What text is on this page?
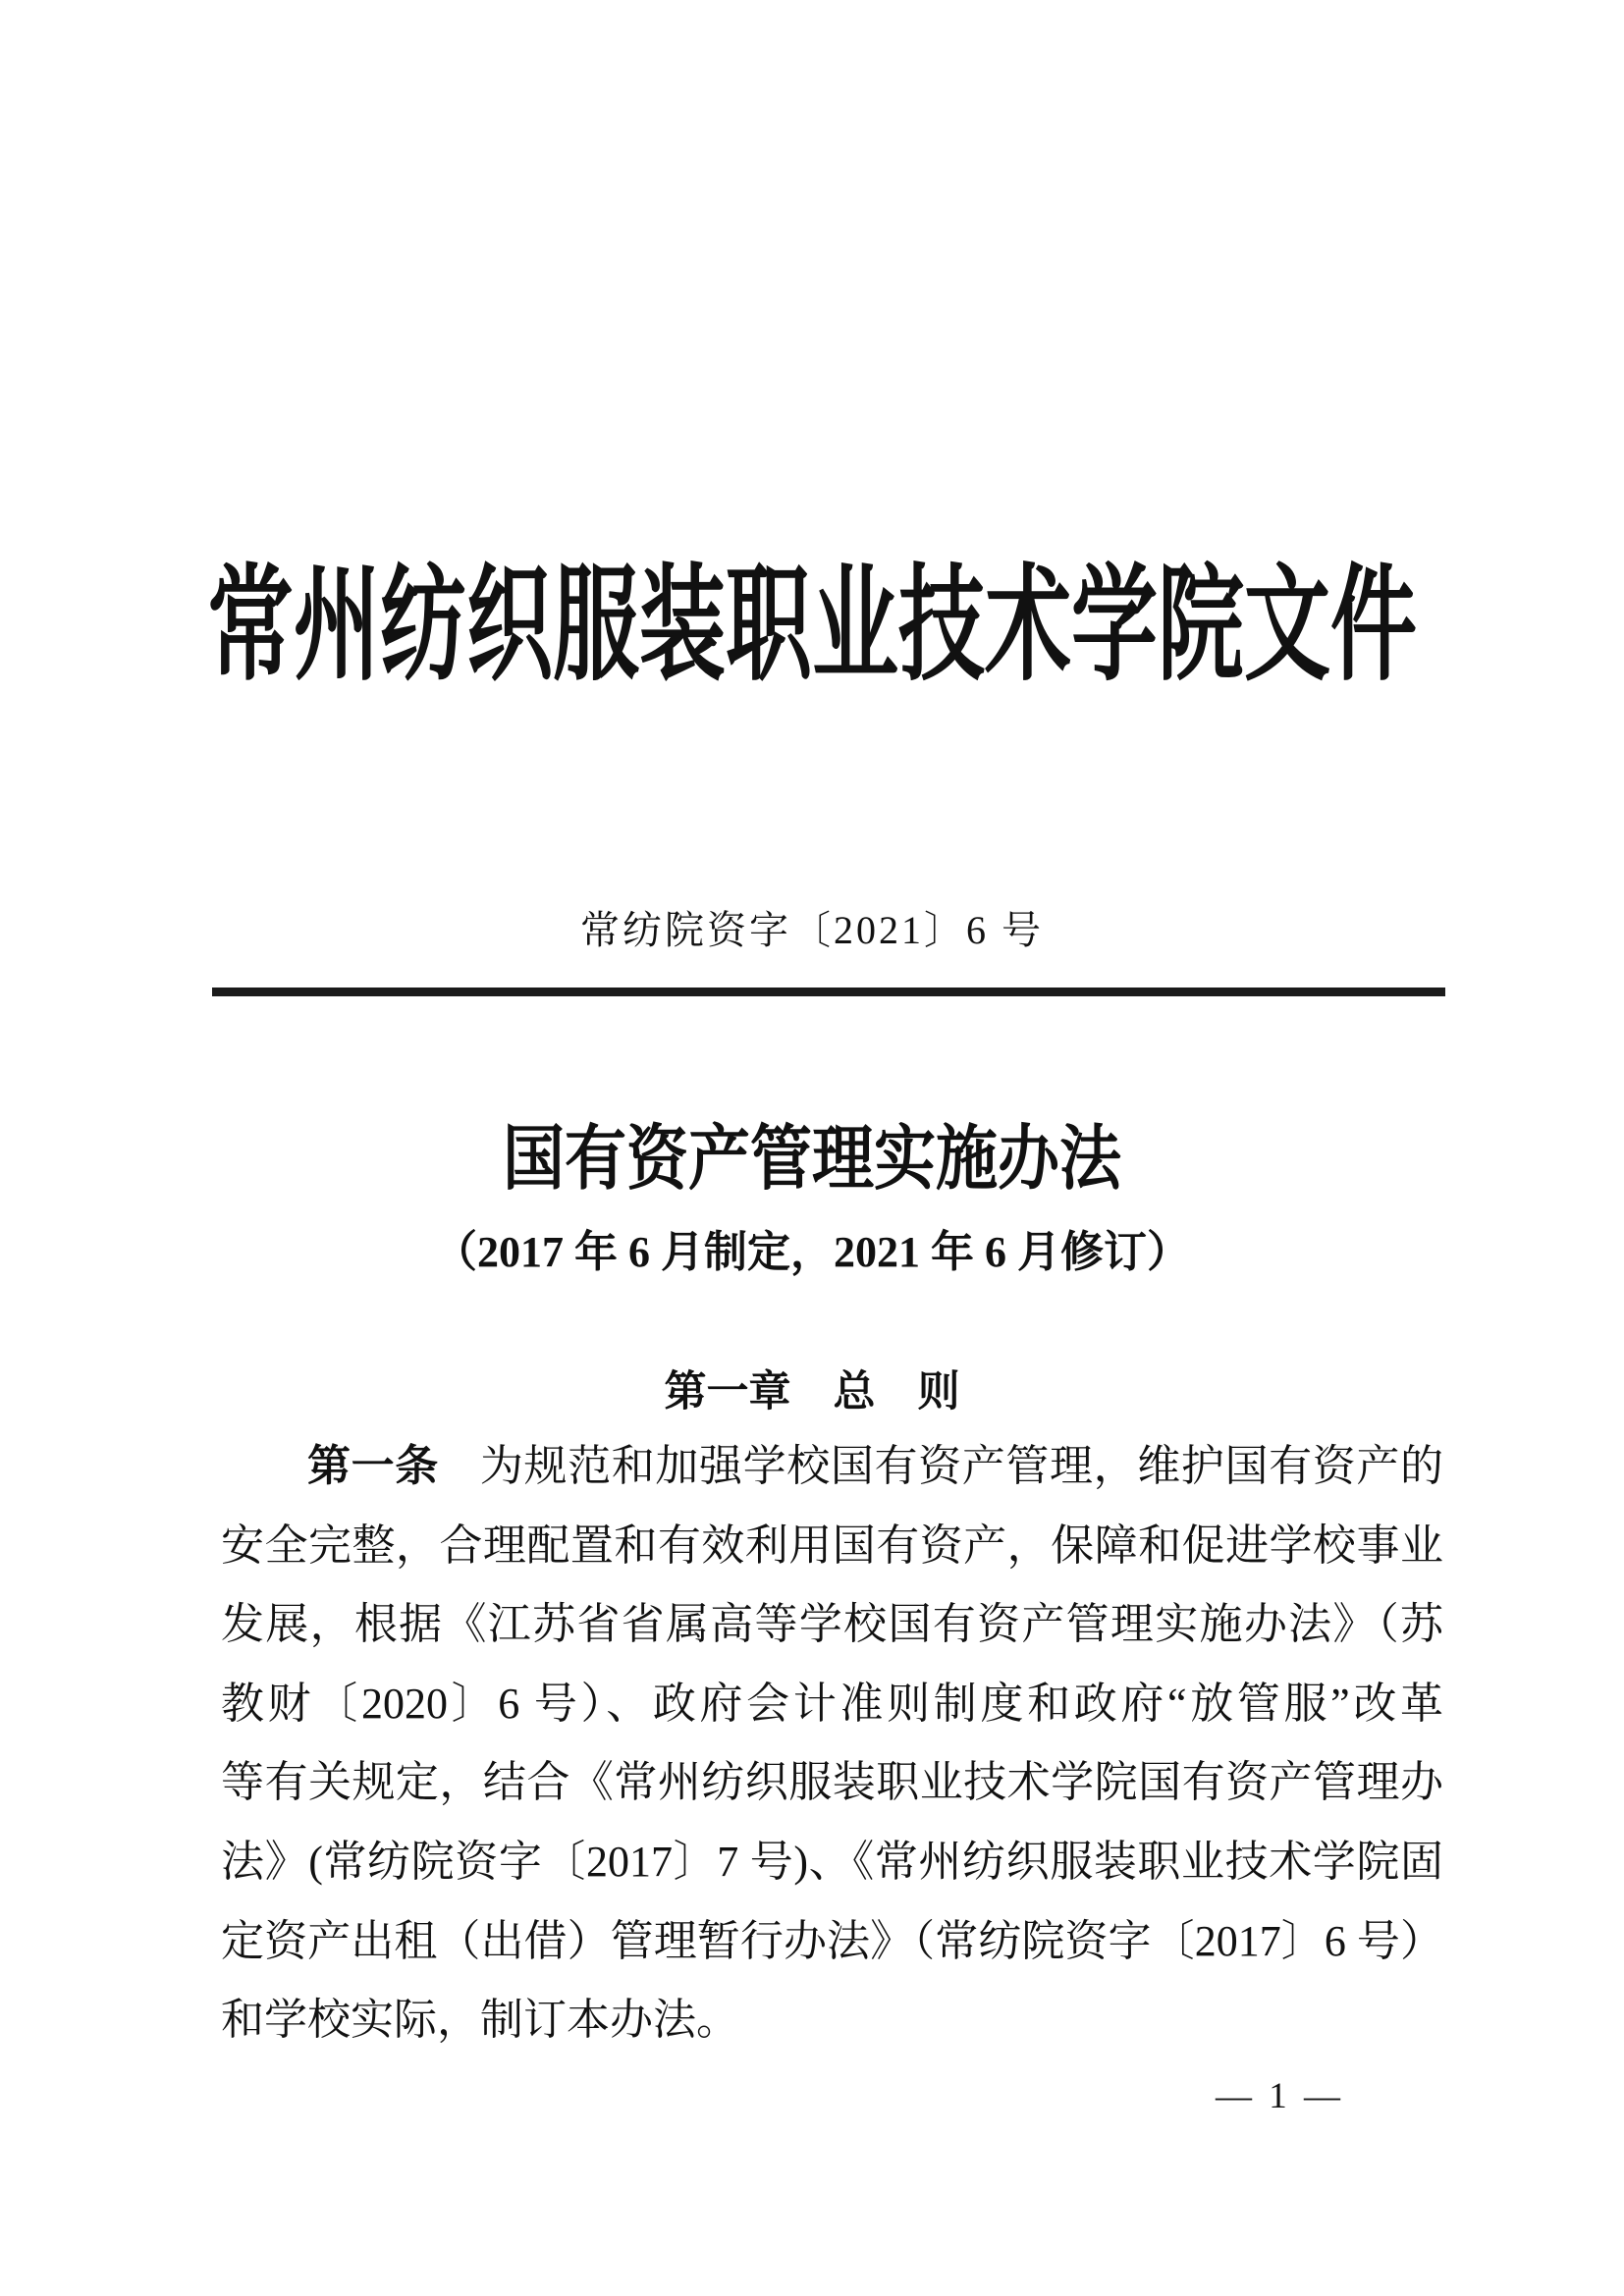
常州纺织服装职业技术学院文件
常纺院资字〔2021〕6 号
国有资产管理实施办法
（2017 年 6 月制定，2021 年 6 月修订）
第一章　总　则
第一条 为规范和加强学校国有资产管理，维护国有资产的
安全完整，合理配置和有效利用国有资产，保障和促进学校事业
发展，根据《江苏省省属高等学校国有资产管理实施办法》（苏
教财〔2020〕6 号）、政府会计准则制度和政府“放管服”改革
等有关规定，结合《常州纺织服装职业技术学院国有资产管理办
法》(常纺院资字〔2017〕7 号)、《常州纺织服装职业技术学院固
定资产出租（出借）管理暂行办法》（常纺院资字〔2017〕6 号）
和学校实际，制订本办法。
— 1 —
